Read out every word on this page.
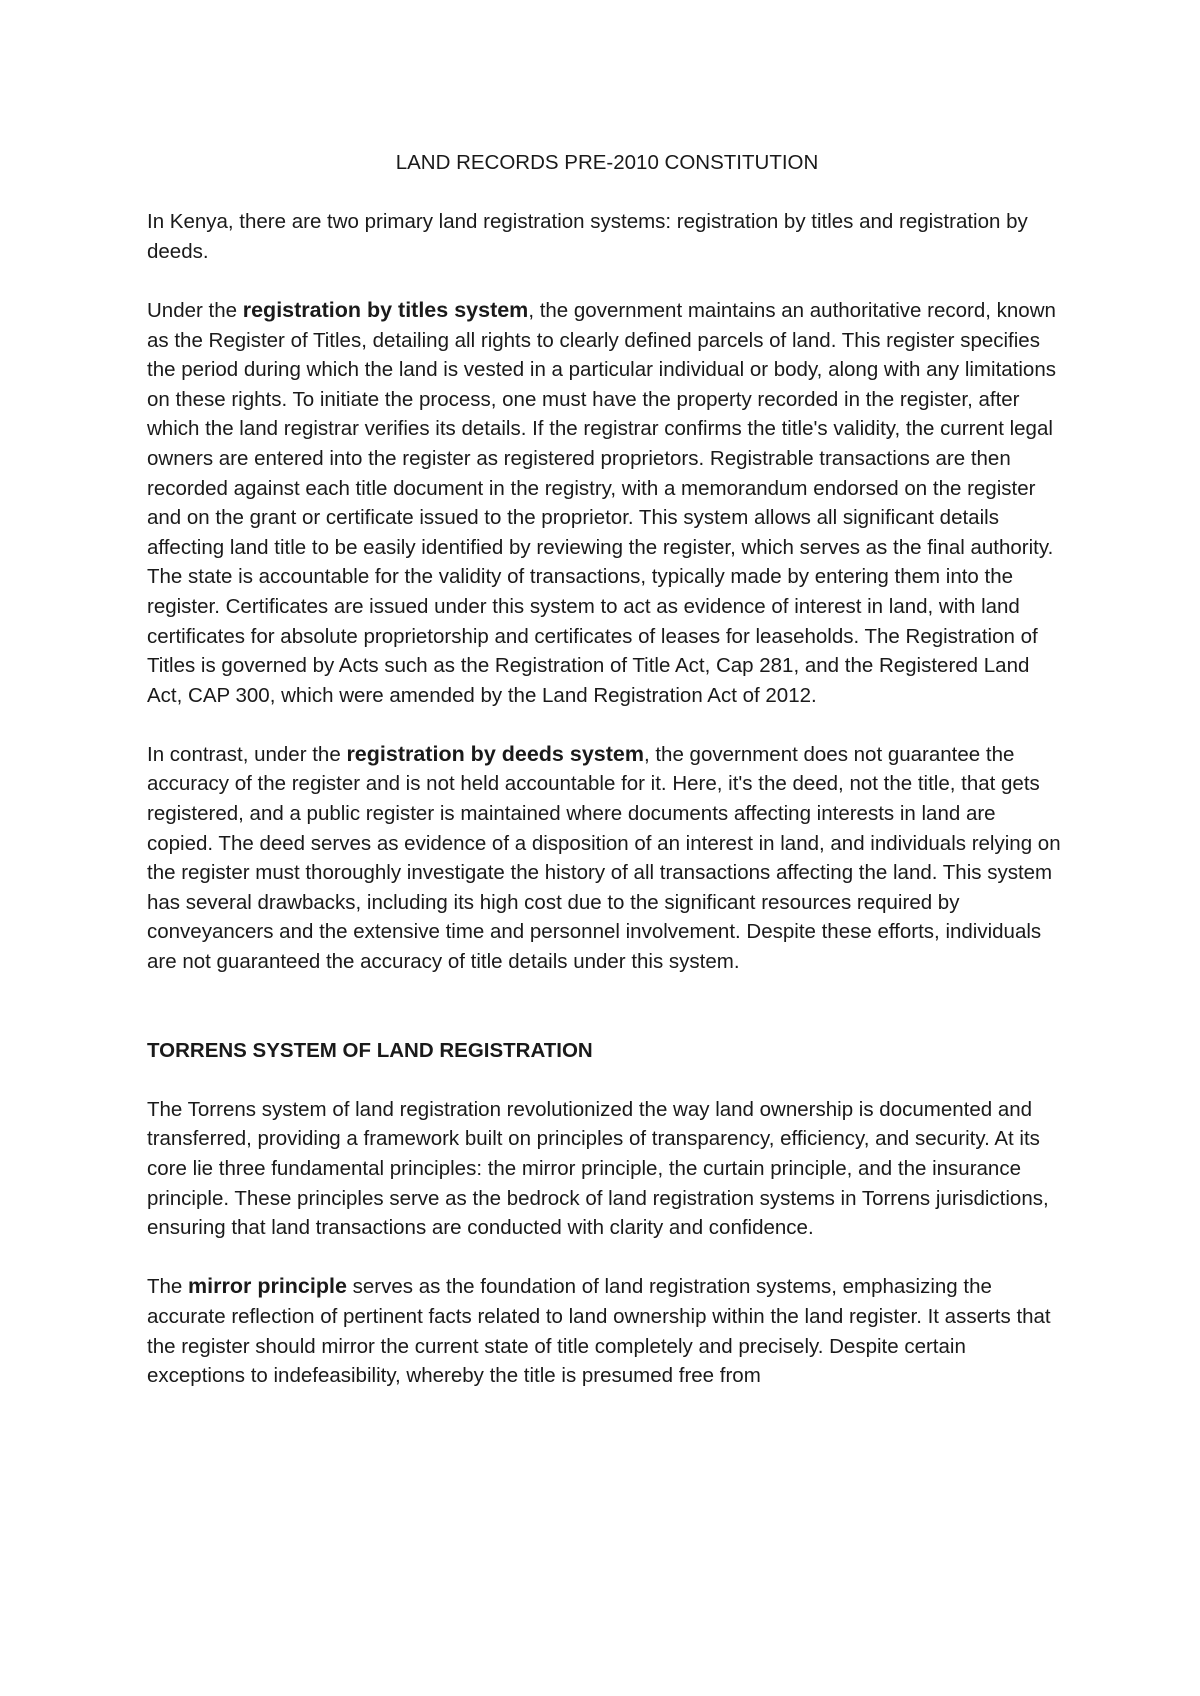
LAND RECORDS PRE-2010 CONSTITUTION

In Kenya, there are two primary land registration systems: registration by titles and registration by deeds.

Under the registration by titles system, the government maintains an authoritative record, known as the Register of Titles, detailing all rights to clearly defined parcels of land. This register specifies the period during which the land is vested in a particular individual or body, along with any limitations on these rights. To initiate the process, one must have the property recorded in the register, after which the land registrar verifies its details. If the registrar confirms the title's validity, the current legal owners are entered into the register as registered proprietors. Registrable transactions are then recorded against each title document in the registry, with a memorandum endorsed on the register and on the grant or certificate issued to the proprietor. This system allows all significant details affecting land title to be easily identified by reviewing the register, which serves as the final authority. The state is accountable for the validity of transactions, typically made by entering them into the register. Certificates are issued under this system to act as evidence of interest in land, with land certificates for absolute proprietorship and certificates of leases for leaseholds. The Registration of Titles is governed by Acts such as the Registration of Title Act, Cap 281, and the Registered Land Act, CAP 300, which were amended by the Land Registration Act of 2012.

In contrast, under the registration by deeds system, the government does not guarantee the accuracy of the register and is not held accountable for it. Here, it's the deed, not the title, that gets registered, and a public register is maintained where documents affecting interests in land are copied. The deed serves as evidence of a disposition of an interest in land, and individuals relying on the register must thoroughly investigate the history of all transactions affecting the land. This system has several drawbacks, including its high cost due to the significant resources required by conveyancers and the extensive time and personnel involvement. Despite these efforts, individuals are not guaranteed the accuracy of title details under this system.

TORRENS SYSTEM OF LAND REGISTRATION

The Torrens system of land registration revolutionized the way land ownership is documented and transferred, providing a framework built on principles of transparency, efficiency, and security. At its core lie three fundamental principles: the mirror principle, the curtain principle, and the insurance principle. These principles serve as the bedrock of land registration systems in Torrens jurisdictions, ensuring that land transactions are conducted with clarity and confidence.

The mirror principle serves as the foundation of land registration systems, emphasizing the accurate reflection of pertinent facts related to land ownership within the land register. It asserts that the register should mirror the current state of title completely and precisely. Despite certain exceptions to indefeasibility, whereby the title is presumed free from
